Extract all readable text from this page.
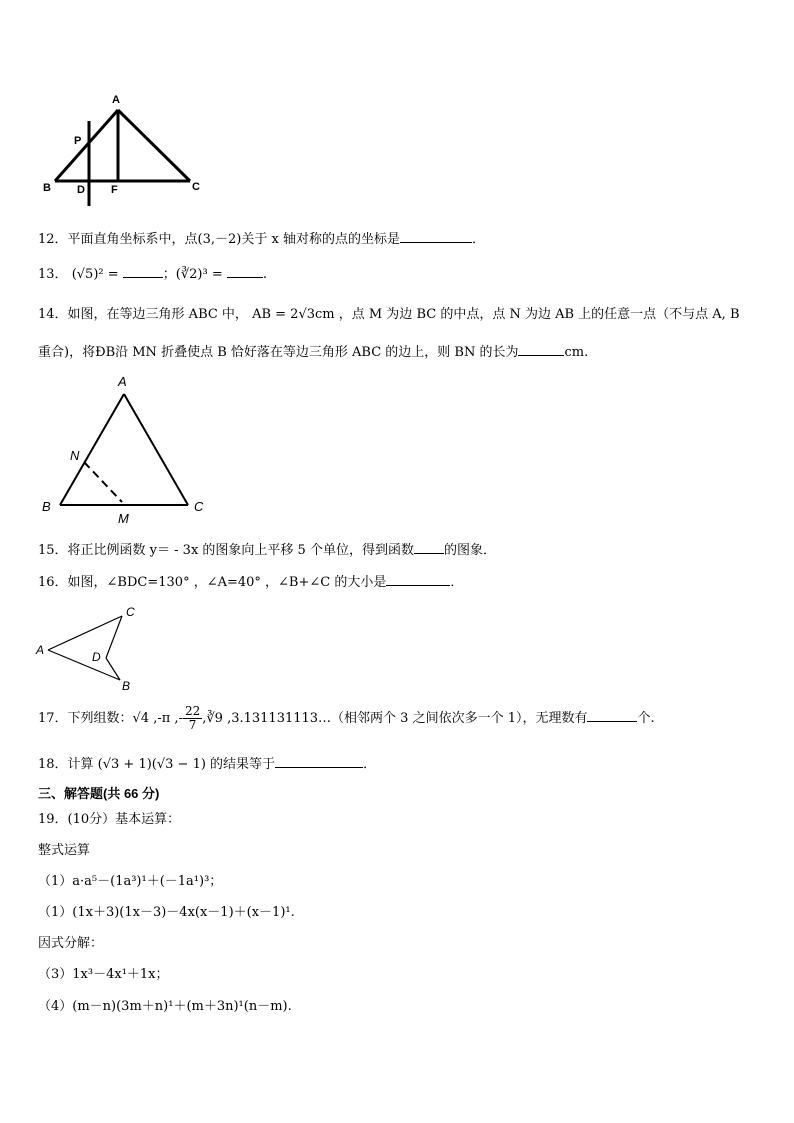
A
P
B D F	C
12．平面直角坐标系中，点(3,－2)关于 x 轴对称的点的坐标是	．
13． (√5)² =	；(∛2)³ =	.
14．如图，在等边三角形 ABC 中， AB = 2√3cm ，点 M 为边 BC 的中点，点 N 为边 AB 上的任意一点（不与点 A, B
重合)，将ÐB沿 MN 折叠使点 B 恰好落在等边三角形 ABC 的边上，则 BN 的长为	cm.
A
N
B
M
C
15．将正比例函数 y＝ - 3x 的图象向上平移 5 个单位，得到函数 的图象．
16．如图，∠BDC=130° ，∠A=40° ，∠B+∠C 的大小是	．
A
C
D
B
17．下列组数：√4 ,-π ,- $\frac{22}{7}$ ,∛9 ,3.131131113…（相邻两个 3 之间依次多一个 1），无理数有	个.
18．计算 (√3 + 1)(√3 − 1) 的结果等于	．
三、解答题(共 66 分)
19．(10分）基本运算：
整式运算
（1）a·a⁵－(1a³)¹＋(－1a¹)³；
（1）(1x＋3)(1x－3)－4x(x－1)＋(x－1)¹.
因式分解：
（3）1x³－4x¹＋1x；
（4）(m－n)(3m＋n)¹＋(m＋3n)¹(n－m).
